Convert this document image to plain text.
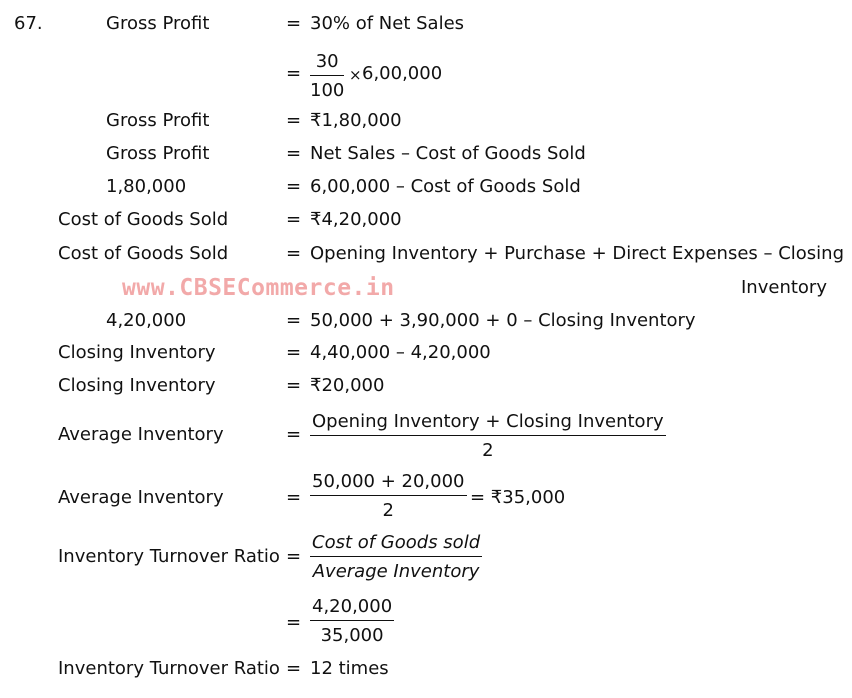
www.CBSECommerce.in
67.	Gross Profit	= 30% of Net Sales
= $\frac{30}{100} \times 6,00,000$
Gross Profit	= ₹1,80,000
Gross Profit	= Net Sales – Cost of Goods Sold
1,80,000	= 6,00,000 – Cost of Goods Sold
Cost of Goods Sold	= ₹4,20,000
Cost of Goods Sold	= Opening Inventory + Purchase + Direct Expenses – Closing
Inventory
4,20,000	= 50,000 + 3,90,000 + 0 – Closing Inventory
Closing Inventory	= 4,40,000 – 4,20,000
Closing Inventory	= ₹20,000
Average Inventory	=
Opening Inventory + Closing Inventory
2
Average Inventory	= $\frac{50,000 + 20,000}{2}$ = ₹35,000
Inventory Turnover Ratio =
Cost of Goods sold
Average Inventory
= $\frac{4,20,000}{35,000}$
Inventory Turnover Ratio = 12 times
